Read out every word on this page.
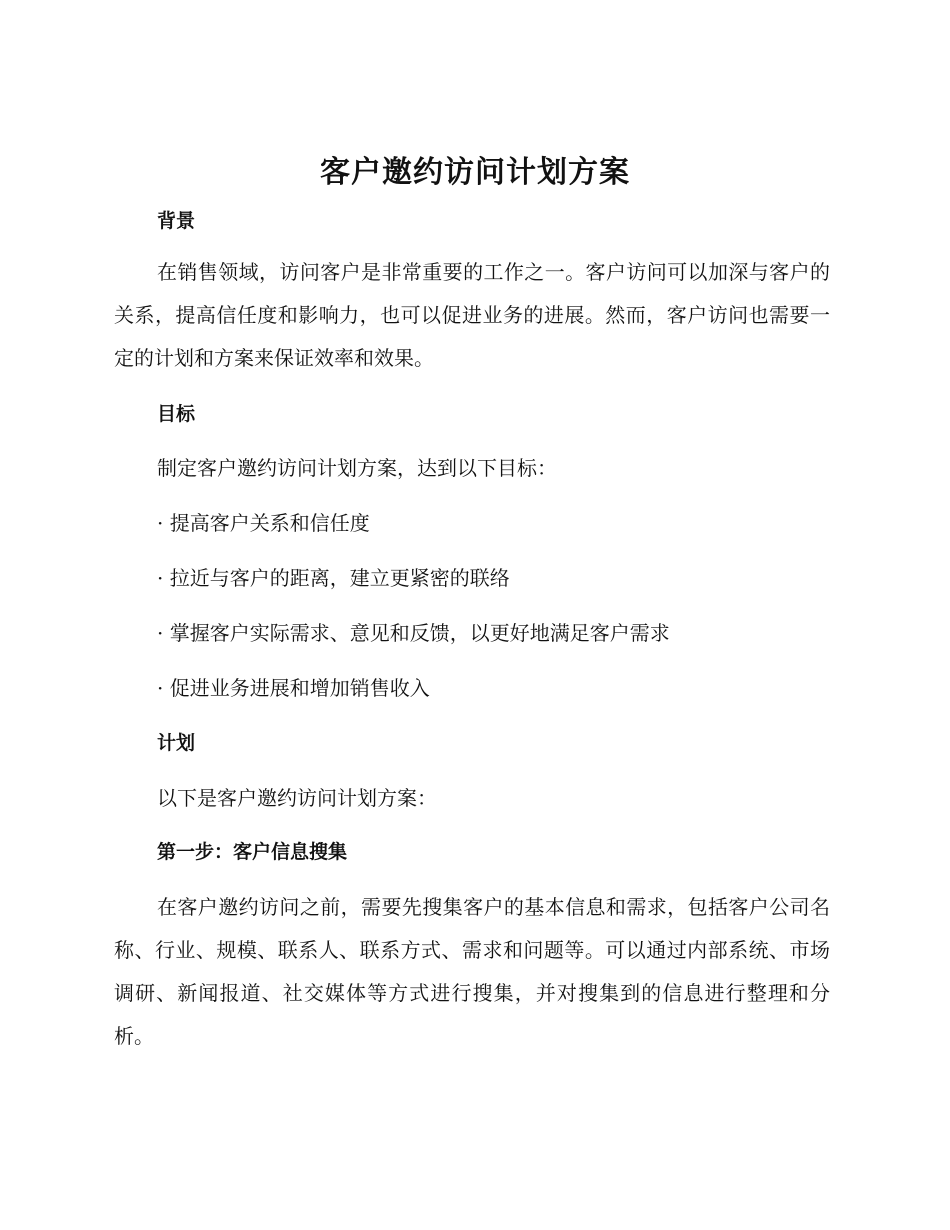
客户邀约访问计划方案
背景

在销售领域，访问客户是非常重要的工作之一。客户访问可以加深与客户的关系，提高信任度和影响力，也可以促进业务的进展。然而，客户访问也需要一定的计划和方案来保证效率和效果。

目标

制定客户邀约访问计划方案，达到以下目标：

· 提高客户关系和信任度

· 拉近与客户的距离，建立更紧密的联络

· 掌握客户实际需求、意见和反馈，以更好地满足客户需求

· 促进业务进展和增加销售收入

计划

以下是客户邀约访问计划方案：

第一步：客户信息搜集

在客户邀约访问之前，需要先搜集客户的基本信息和需求，包括客户公司名称、行业、规模、联系人、联系方式、需求和问题等。可以通过内部系统、市场调研、新闻报道、社交媒体等方式进行搜集，并对搜集到的信息进行整理和分析。
